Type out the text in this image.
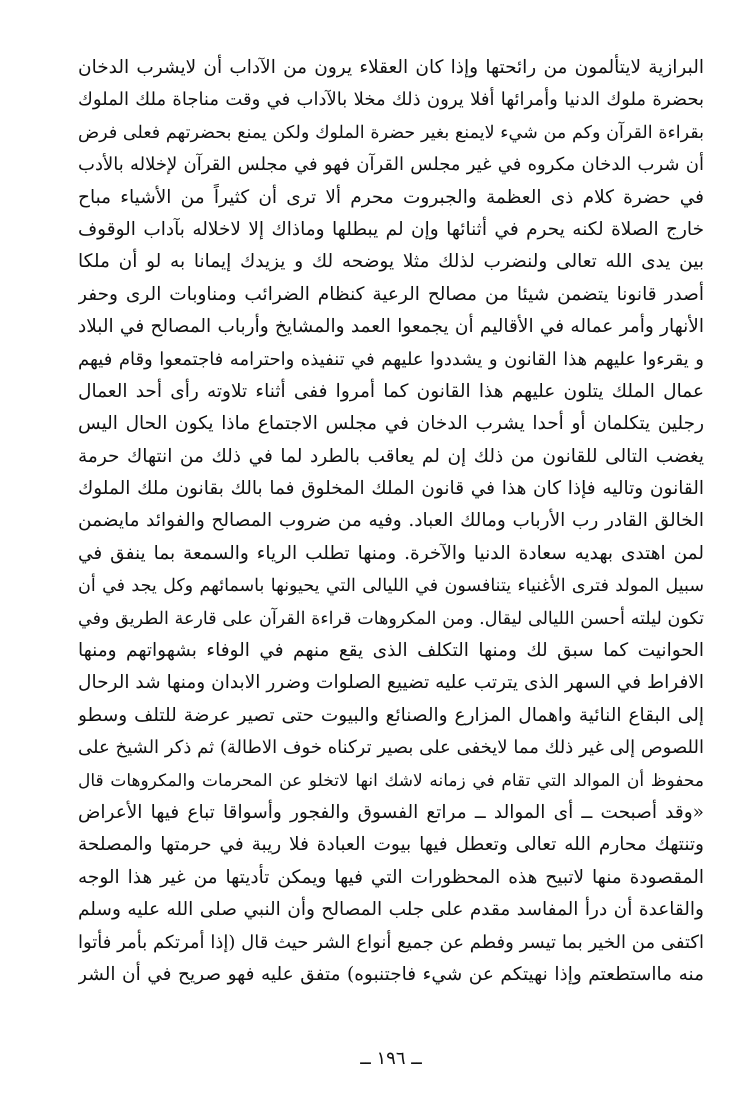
البرازية لايتألمون من رائحتها وإذا كان العقلاء يرون من الآداب أن لايشرب الدخان
بحضرة ملوك الدنيا وأمرائها أفلا يرون ذلك مخلا بالآداب في وقت مناجاة ملك الملوك
بقراءة القرآن وكم من شيء لايمنع بغير حضرة الملوك ولكن يمنع بحضرتهم فعلى فرض
أن شرب الدخان مكروه في غير مجلس القرآن فهو في مجلس القرآن لإخلاله بالأدب
في حضرة كلام ذى العظمة والجبروت محرم ألا ترى أن كثيراً من الأشياء مباح
خارج الصلاة لكنه يحرم في أثنائها وإن لم يبطلها وماذاك إلا لاخلاله بآداب الوقوف
بين يدى الله تعالى ولنضرب لذلك مثلا يوضحه لك و يزيدك إيمانا به لو أن ملكا
أصدر قانونا يتضمن شيئا من مصالح الرعية كنظام الضرائب ومناوبات الرى وحفر
الأنهار وأمر عماله في الأقاليم أن يجمعوا العمد والمشايخ وأرباب المصالح في البلاد
و يقرءوا عليهم هذا القانون و يشددوا عليهم في تنفيذه واحترامه فاجتمعوا وقام فيهم
عمال الملك يتلون عليهم هذا القانون كما أمروا ففى أثناء تلاوته رأى أحد العمال
رجلين يتكلمان أو أحدا يشرب الدخان في مجلس الاجتماع ماذا يكون الحال اليس
يغضب التالى للقانون من ذلك إن لم يعاقب بالطرد لما في ذلك من انتهاك حرمة
القانون وتاليه فإذا كان هذا في قانون الملك المخلوق فما بالك بقانون ملك الملوك
الخالق القادر رب الأرباب ومالك العباد. وفيه من ضروب المصالح والفوائد مايضمن
لمن اهتدى بهديه سعادة الدنيا والآخرة. ومنها تطلب الرياء والسمعة بما ينفق في
سبيل المولد فترى الأغنياء يتنافسون في الليالى التي يحيونها باسمائهم وكل يجد في أن
تكون ليلته أحسن الليالى ليقال. ومن المكروهات قراءة القرآن على قارعة الطريق وفي
الحوانيت كما سبق لك ومنها التكلف الذى يقع منهم في الوفاء بشهواتهم ومنها
الافراط في السهر الذى يترتب عليه تضييع الصلوات وضرر الابدان ومنها شد الرحال
إلى البقاع النائية واهمال المزارع والصنائع والبيوت حتى تصير عرضة للتلف وسطو
اللصوص إلى غير ذلك مما لايخفى على بصير تركناه خوف الاطالة) ثم ذكر الشيخ على
محفوظ أن الموالد التي تقام في زمانه لاشك انها لاتخلو عن المحرمات والمكروهات قال
«وقد أصبحت ــ أى الموالد ــ مراتع الفسوق والفجور وأسواقا تباع فيها الأعراض
وتنتهك محارم الله تعالى وتعطل فيها بيوت العبادة فلا ريبة في حرمتها والمصلحة
المقصودة منها لاتبيح هذه المحظورات التي فيها ويمكن تأديتها من غير هذا الوجه
والقاعدة أن درأ المفاسد مقدم على جلب المصالح وأن النبي صلى الله عليه وسلم
اكتفى من الخير بما تيسر وفطم عن جميع أنواع الشر حيث قال (إذا أمرتكم بأمر فأتوا
منه مااستطعتم وإذا نهيتكم عن شيء فاجتنبوه) متفق عليه فهو صريح في أن الشر
ــ ١٩٦ ــ
